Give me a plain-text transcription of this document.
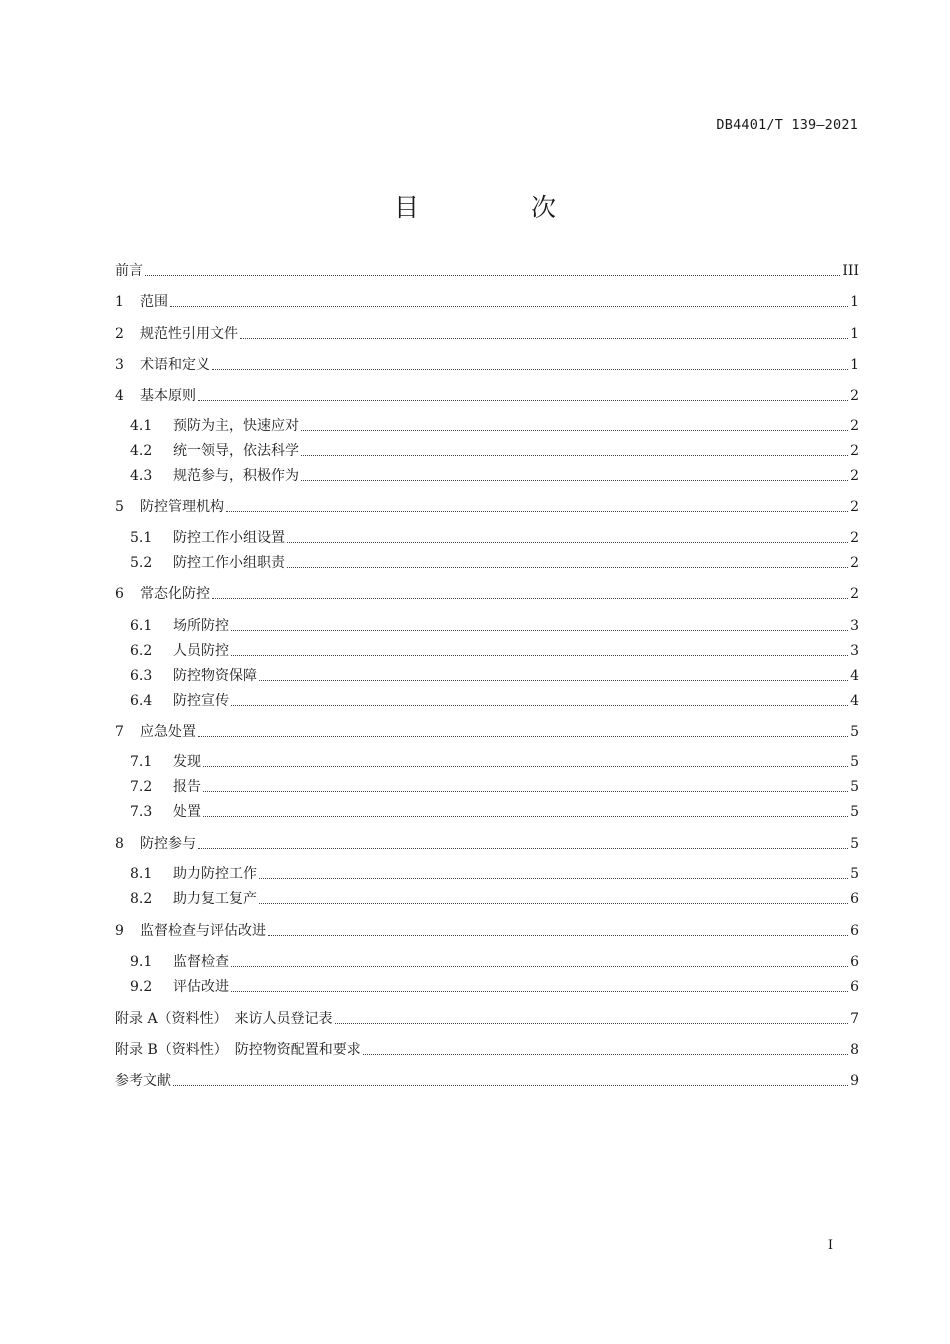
DB4401/T 139—2021
目 次
前言	III
1	范围	1
2	规范性引用文件	1
3	术语和定义	1
4	基本原则	2
4.1	预防为主，快速应对	2
4.2	统一领导，依法科学	2
4.3	规范参与，积极作为	2
5	防控管理机构	2
5.1	防控工作小组设置	2
5.2	防控工作小组职责	2
6	常态化防控	2
6.1	场所防控	3
6.2	人员防控	3
6.3	防控物资保障	4
6.4	防控宣传	4
7	应急处置	5
7.1	发现	5
7.2	报告	5
7.3	处置	5
8	防控参与	5
8.1	助力防控工作	5
8.2	助力复工复产	6
9	监督检查与评估改进	6
9.1	监督检查	6
9.2	评估改进	6
附录 A（资料性）　来访人员登记表	7
附录 B（资料性）　防控物资配置和要求	8
参考文献	9
I
